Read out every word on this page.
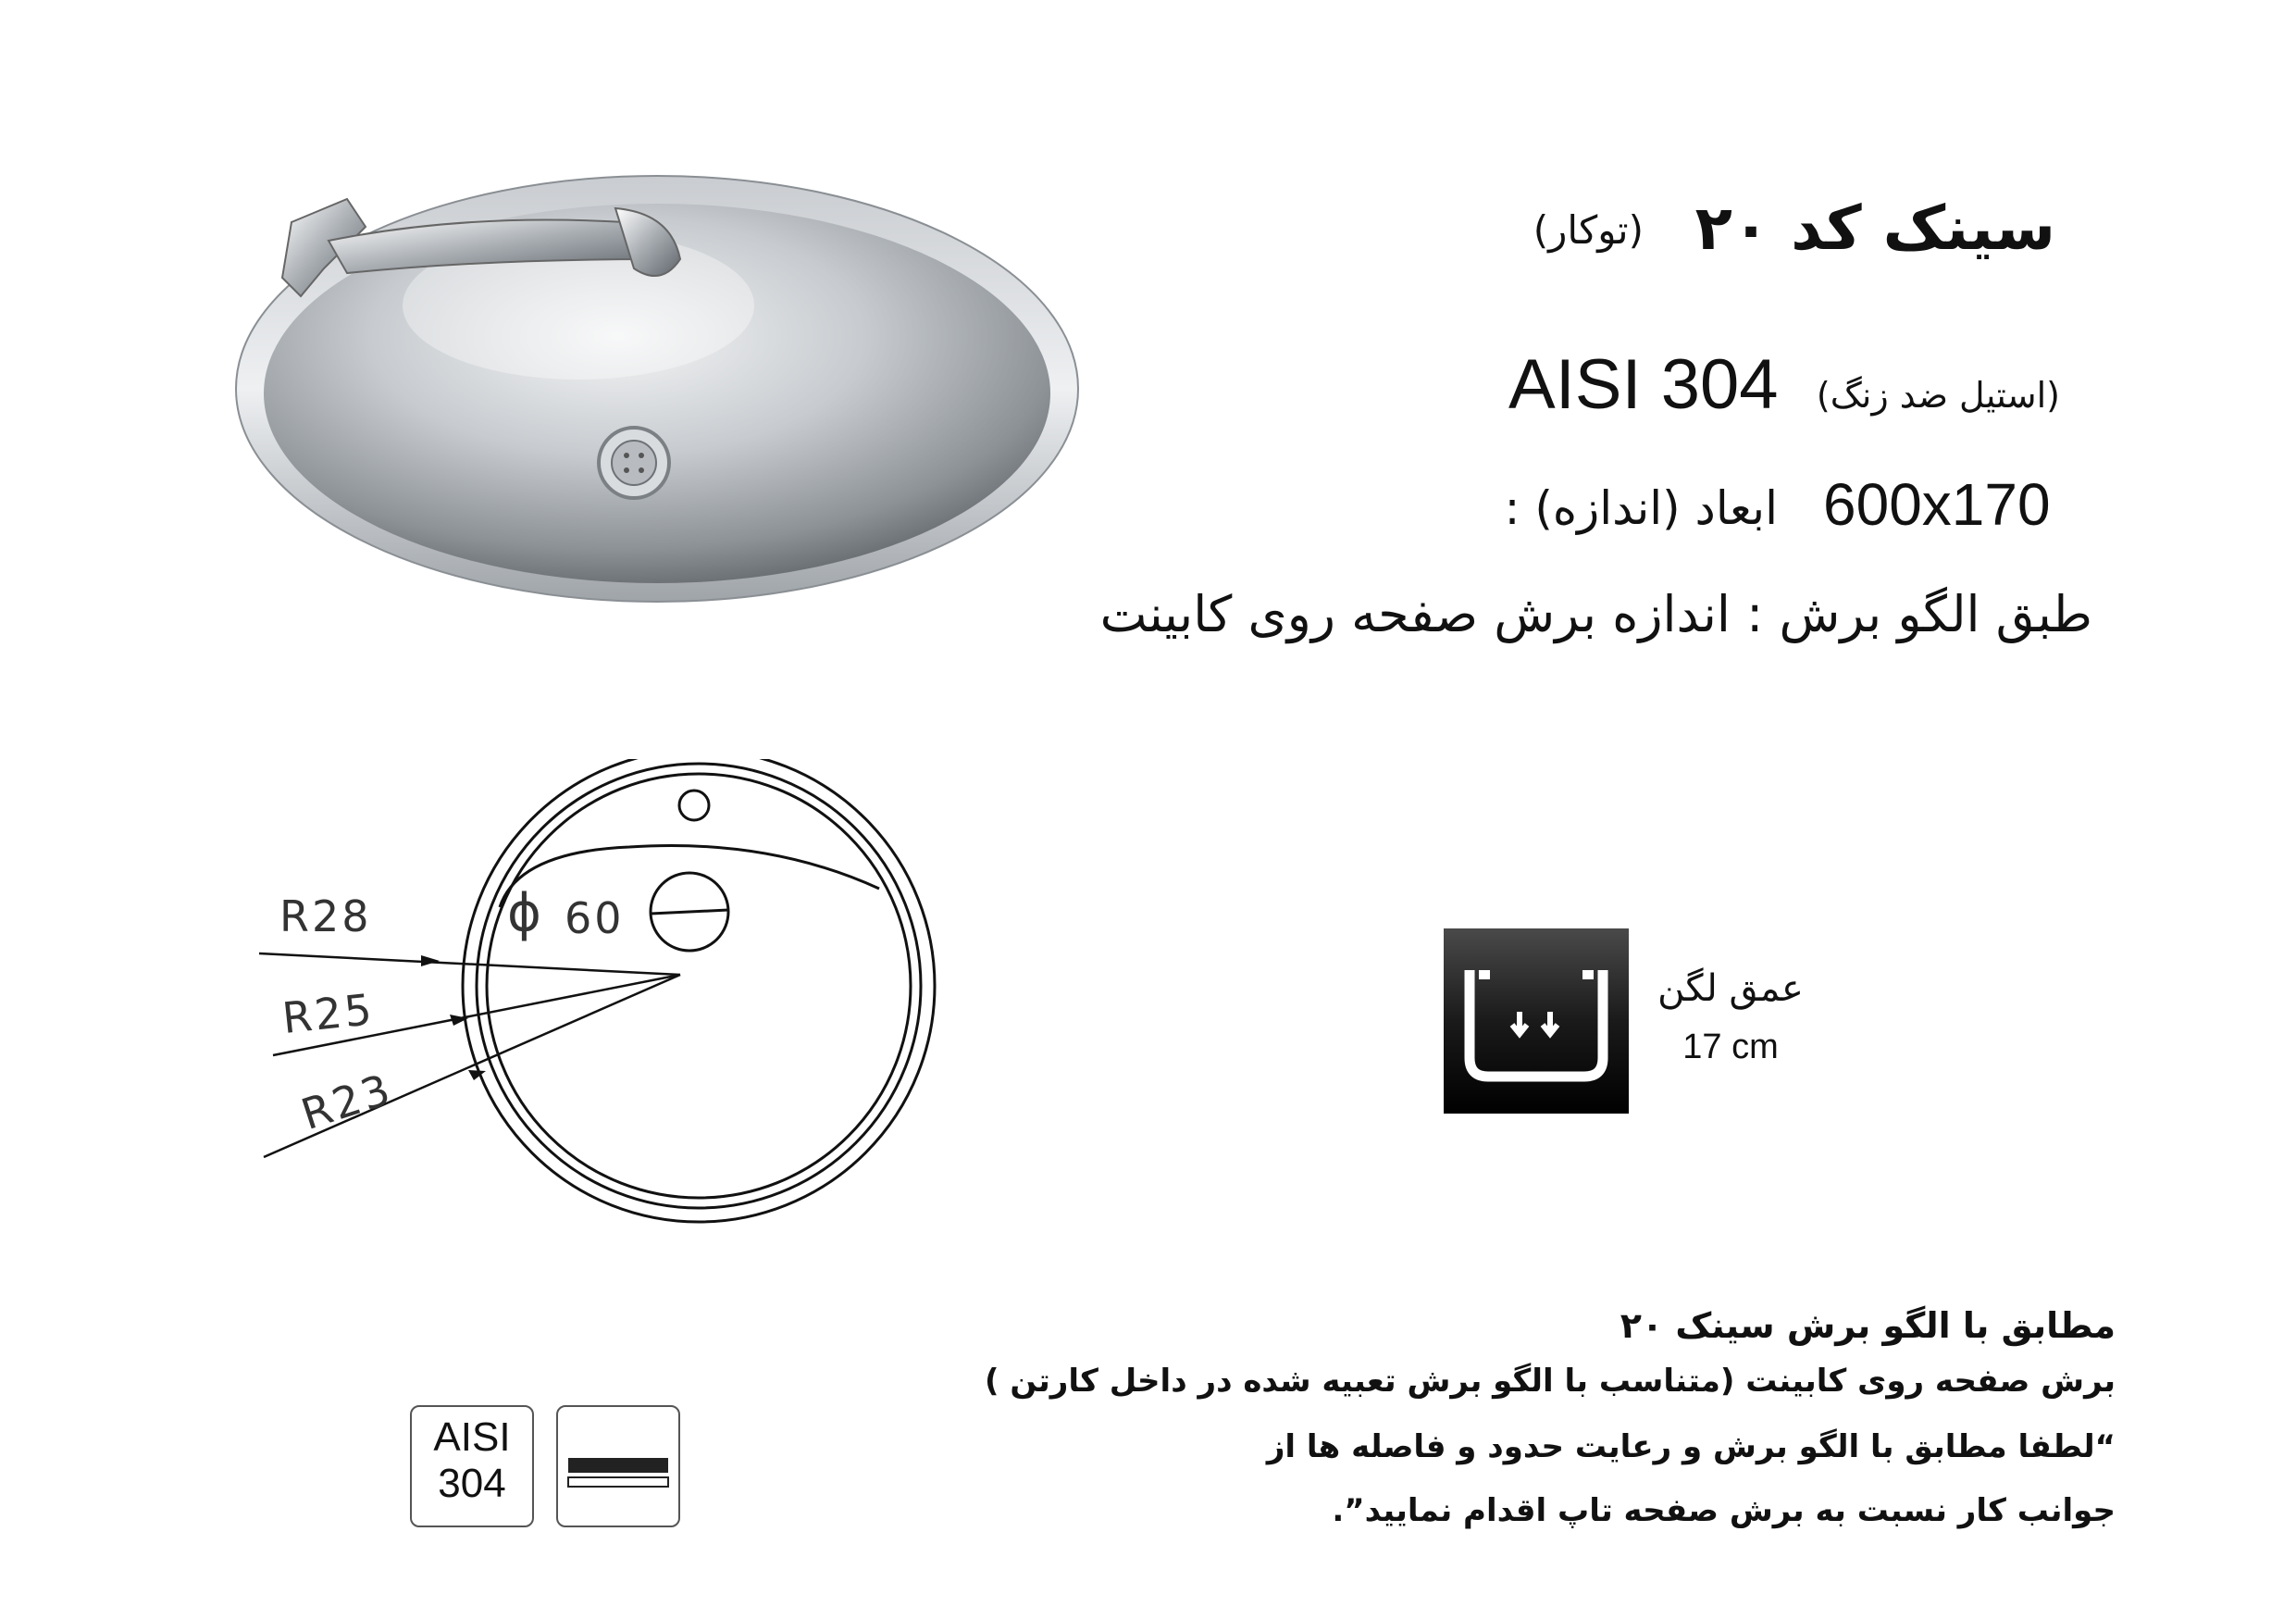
R28
R25
R23
ϕ 60
سینک کد ۲۰
(توکار)
AISI 304 (استیل ضد زنگ)
600x170
ابعاد (اندازه) :
طبق الگو برش : اندازه برش صفحه روی کابینت
عمق لگن
17 cm
مطابق با الگو برش سینک ۲۰
برش صفحه روی کابینت (متناسب با الگو برش تعبیه شده در داخل کارتن )
“لطفا مطابق با الگو برش و رعایت حدود و فاصله ها از
جوانب کار نسبت به برش صفحه تاپ اقدام نمایید”.
AISI
304
